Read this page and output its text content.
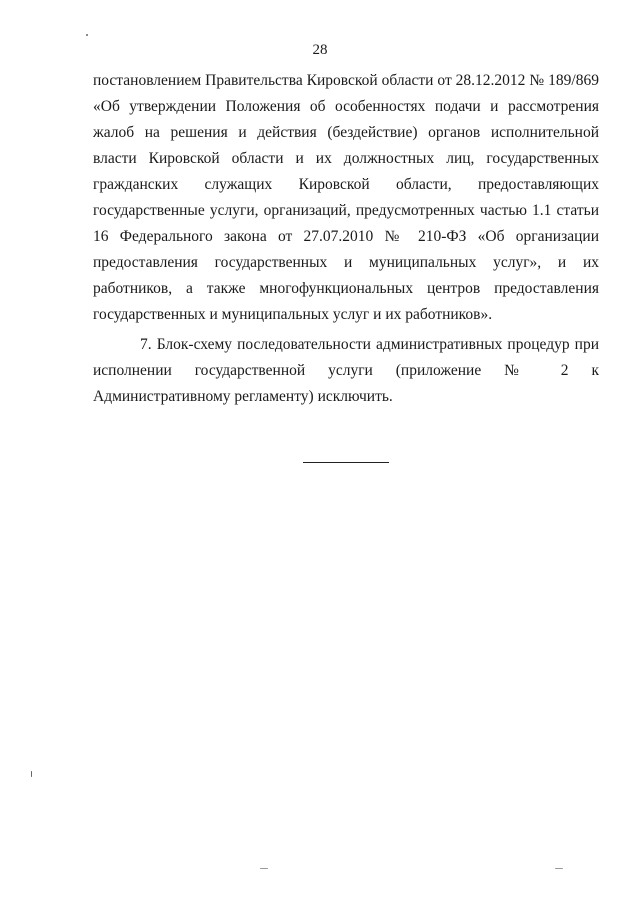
28

постановлением Правительства Кировской области от 28.12.2012 № 189/869 «Об утверждении Положения об особенностях подачи и рассмотрения жалоб на решения и действия (бездействие) органов исполнительной власти Кировской области и их должностных лиц, государственных гражданских служащих Кировской области, предоставляющих государственные услуги, организаций, предусмотренных частью 1.1 статьи 16 Федерального закона от 27.07.2010 № 210-ФЗ «Об организации предоставления государственных и муниципальных услуг», и их работников, а также многофункциональных центров предоставления государственных и муниципальных услуг и их работников».

7. Блок-схему последовательности административных процедур при исполнении государственной услуги (приложение № 2 к Административному регламенту) исключить.
